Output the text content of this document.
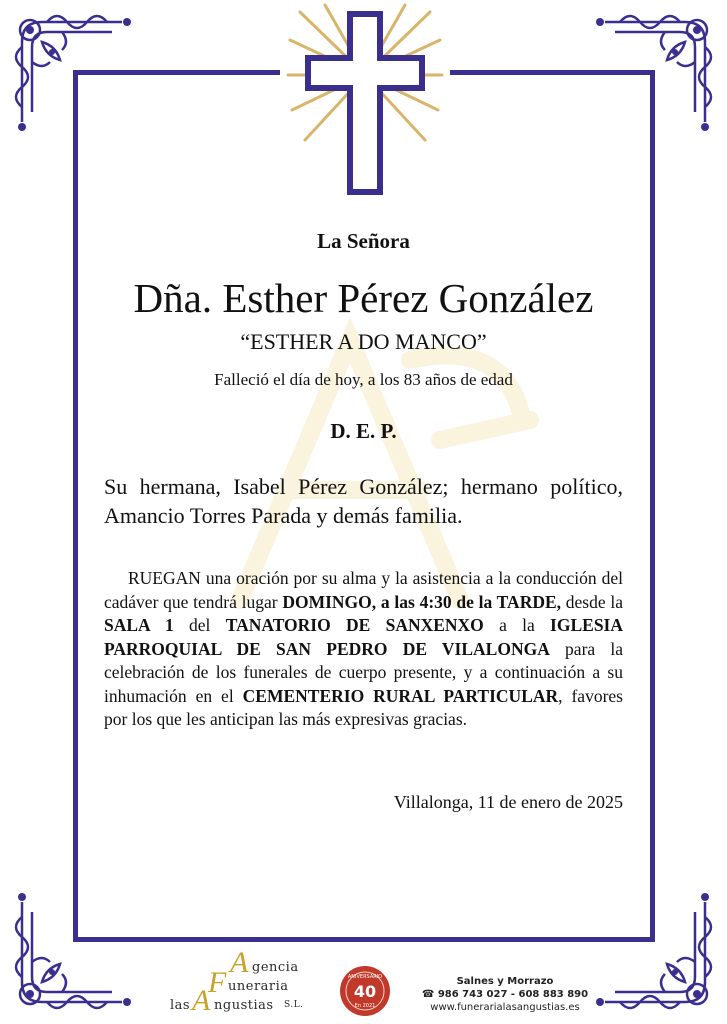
La Señora
Dña. Esther Pérez González
“ESTHER A DO MANCO”
Falleció el día de hoy, a los 83 años de edad
D. E. P.
Su hermana, Isabel Pérez González; hermano político, Amancio Torres Parada y demás familia.
RUEGAN una oración por su alma y la asistencia a la conducción del cadáver que tendrá lugar DOMINGO, a las 4:30 de la TARDE, desde la SALA 1 del TANATORIO DE SANXENXO a la IGLESIA PARROQUIAL DE SAN PEDRO DE VILALONGA para la celebración de los funerales de cuerpo presente, y a continuación a su inhumación en el CEMENTERIO RURAL PARTICULAR, favores por los que les anticipan las más expresivas gracias.
Villalonga, 11 de enero de 2025
A gencia
F uneraria
las A ngustias S.L.
ANIVERSARIO
40
En 2021
Salnes y Morrazo
☎ 986 743 027 - 608 883 890
www.funerarialasangustias.es
